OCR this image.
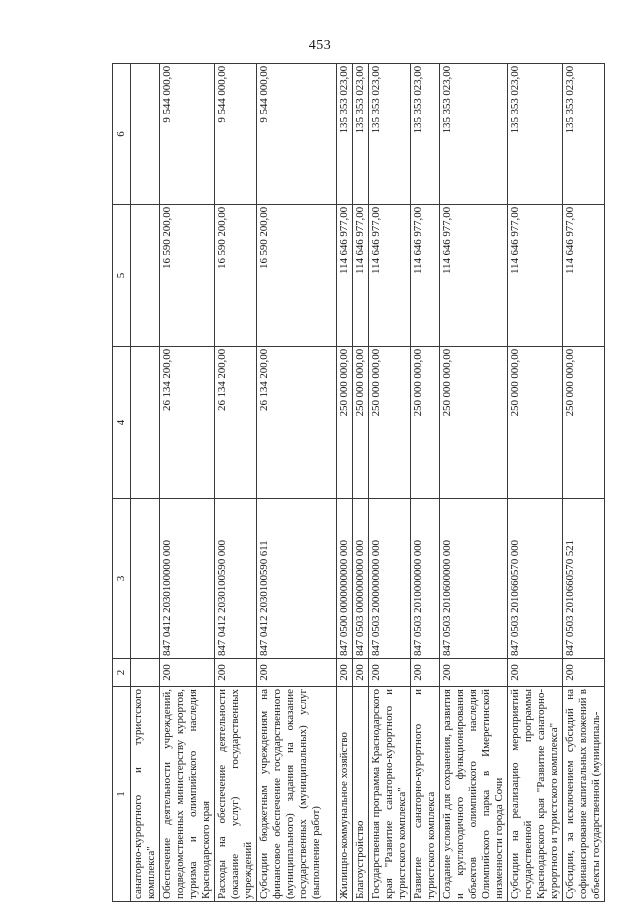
453
1	2	3	4	5	6
санаторно-курортного и туристского комплекса"					
Обеспечение деятельности учреждений, подведомственных министерству курортов, туризма и олимпийского наследия Краснодарского края	200	847 0412 2030100000 000	26 134 200,00	16 590 200,00	9 544 000,00
Расходы на обеспечение деятельности (оказание услуг) государственных учреждений	200	847 0412 2030100590 000	26 134 200,00	16 590 200,00	9 544 000,00
Субсидии бюджетным учреждениям на финансовое обеспечение государственного (муниципального) задания на оказание государственных (муниципальных) услуг (выполнение работ)	200	847 0412 2030100590 611	26 134 200,00	16 590 200,00	9 544 000,00
Жилищно-коммунальное хозяйство	200	847 0500 0000000000 000	250 000 000,00	114 646 977,00	135 353 023,00
Благоустройство	200	847 0503 0000000000 000	250 000 000,00	114 646 977,00	135 353 023,00
Государственная программа Краснодарского края "Развитие санаторно-курортного и туристского комплекса"	200	847 0503 2000000000 000	250 000 000,00	114 646 977,00	135 353 023,00
Развитие санаторно-курортного и туристского комплекса	200	847 0503 2010000000 000	250 000 000,00	114 646 977,00	135 353 023,00
Создание условий для сохранения, развития и круглогодичного функционирования объектов олимпийского наследия Олимпийского парка в Имеретинской низменности города Сочи	200	847 0503 2010600000 000	250 000 000,00	114 646 977,00	135 353 023,00
Субсидии на реализацию мероприятий государственной программы Краснодарского края "Развитие санаторно-курортного и туристского комплекса"	200	847 0503 2010660570 000	250 000 000,00	114 646 977,00	135 353 023,00
Субсидии, за исключением субсидий на софинансирование капитальных вложений в объекты государственной (муниципаль-	200	847 0503 2010660570 521	250 000 000,00	114 646 977,00	135 353 023,00
